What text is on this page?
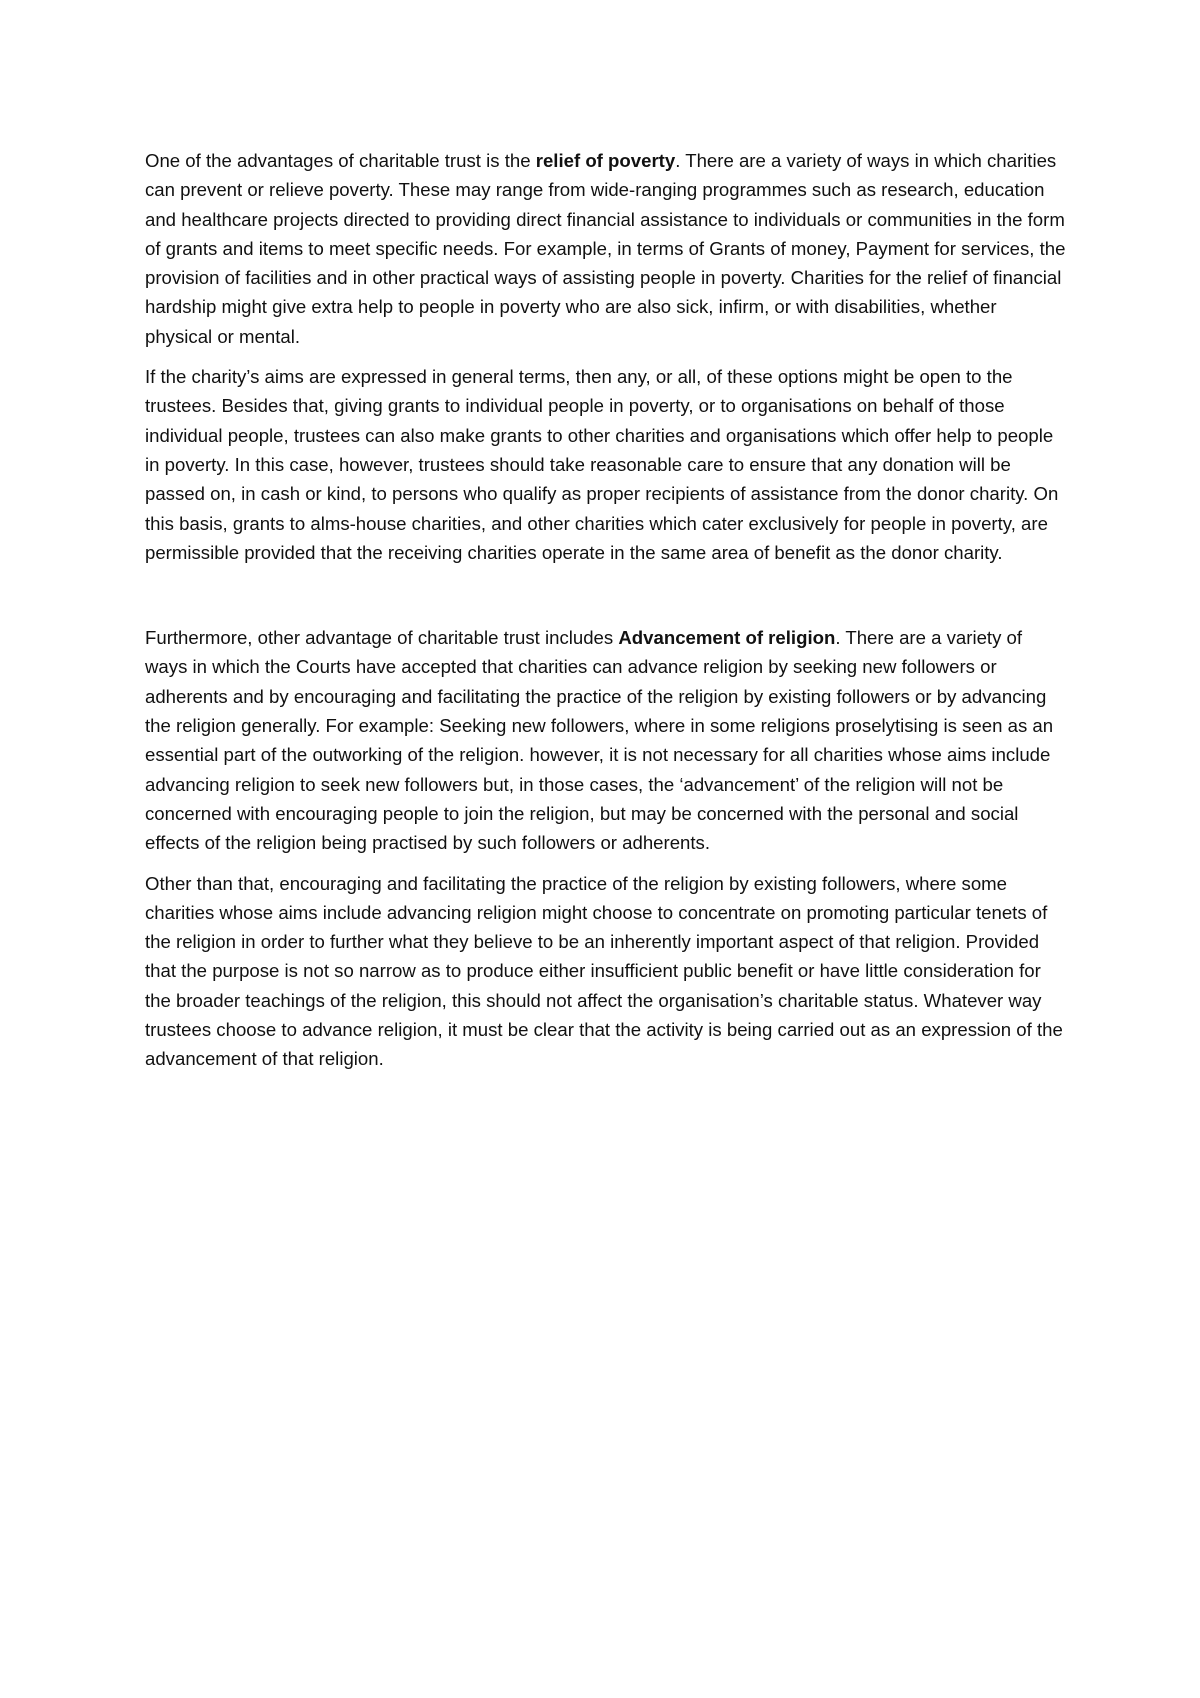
One of the advantages of charitable trust is the relief of poverty. There are a variety of ways in which charities can prevent or relieve poverty. These may range from wide-ranging programmes such as research, education and healthcare projects directed to providing direct financial assistance to individuals or communities in the form of grants and items to meet specific needs. For example, in terms of Grants of money, Payment for services, the provision of facilities and in other practical ways of assisting people in poverty. Charities for the relief of financial hardship might give extra help to people in poverty who are also sick, infirm, or with disabilities, whether physical or mental.

If the charity’s aims are expressed in general terms, then any, or all, of these options might be open to the trustees. Besides that, giving grants to individual people in poverty, or to organisations on behalf of those individual people, trustees can also make grants to other charities and organisations which offer help to people in poverty. In this case, however, trustees should take reasonable care to ensure that any donation will be passed on, in cash or kind, to persons who qualify as proper recipients of assistance from the donor charity. On this basis, grants to alms-house charities, and other charities which cater exclusively for people in poverty, are permissible provided that the receiving charities operate in the same area of benefit as the donor charity.

Furthermore, other advantage of charitable trust includes Advancement of religion. There are a variety of ways in which the Courts have accepted that charities can advance religion by seeking new followers or adherents and by encouraging and facilitating the practice of the religion by existing followers or by advancing the religion generally. For example: Seeking new followers, where in some religions proselytising is seen as an essential part of the outworking of the religion. however, it is not necessary for all charities whose aims include advancing religion to seek new followers but, in those cases, the ‘advancement’ of the religion will not be concerned with encouraging people to join the religion, but may be concerned with the personal and social effects of the religion being practised by such followers or adherents.

Other than that, encouraging and facilitating the practice of the religion by existing followers, where some charities whose aims include advancing religion might choose to concentrate on promoting particular tenets of the religion in order to further what they believe to be an inherently important aspect of that religion. Provided that the purpose is not so narrow as to produce either insufficient public benefit or have little consideration for the broader teachings of the religion, this should not affect the organisation’s charitable status. Whatever way trustees choose to advance religion, it must be clear that the activity is being carried out as an expression of the advancement of that religion.
